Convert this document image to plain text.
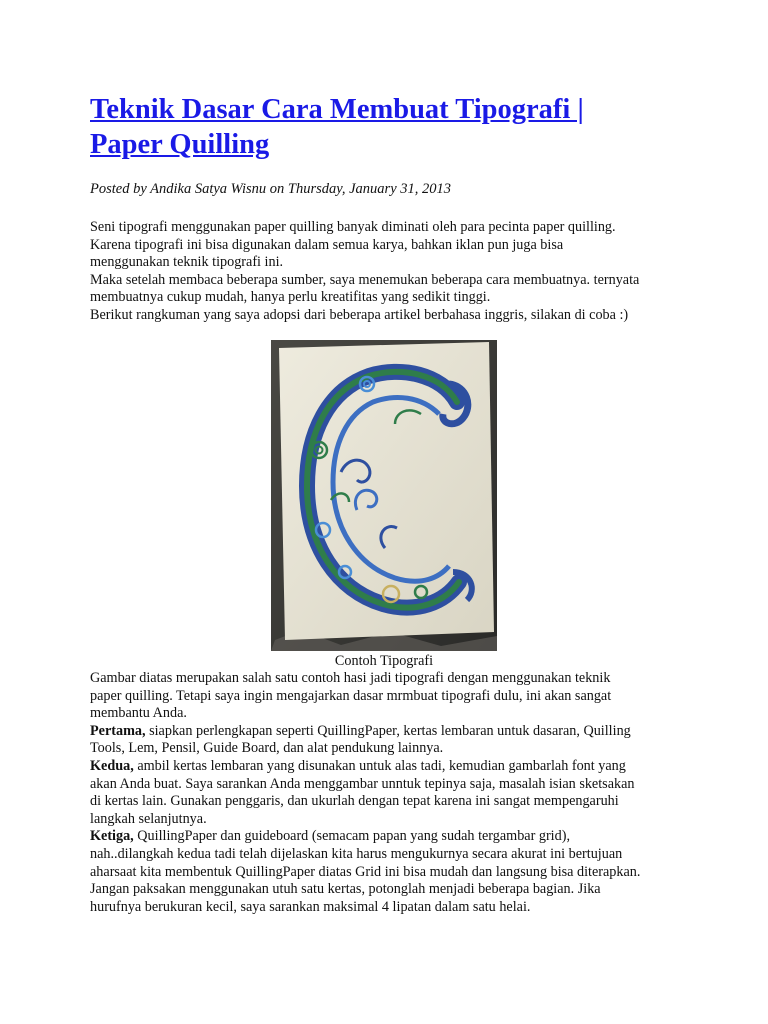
Teknik Dasar Cara Membuat Tipografi |
Paper Quilling

Posted by Andika Satya Wisnu on Thursday, January 31, 2013

Seni tipografi menggunakan paper quilling banyak diminati oleh para pecinta paper quilling.

Karena tipografi ini bisa digunakan dalam semua karya, bahkan iklan pun juga bisa

menggunakan teknik tipografi ini.

Maka setelah membaca beberapa sumber, saya menemukan beberapa cara membuatnya. ternyata

membuatnya cukup mudah, hanya perlu kreatifitas yang sedikit tinggi.

Berikut rangkuman yang saya adopsi dari beberapa artikel berbahasa inggris, silakan di coba :)

Contoh Tipografi

Gambar diatas merupakan salah satu contoh hasi jadi tipografi dengan menggunakan teknik

paper quilling. Tetapi saya ingin mengajarkan dasar mrmbuat tipografi dulu, ini akan sangat

membantu Anda.

Pertama, siapkan perlengkapan seperti QuillingPaper, kertas lembaran untuk dasaran, Quilling

Tools, Lem, Pensil, Guide Board, dan alat pendukung lainnya.

Kedua, ambil kertas lembaran yang disunakan untuk alas tadi, kemudian gambarlah font yang

akan Anda buat. Saya sarankan Anda menggambar unntuk tepinya saja, masalah isian sketsakan

di kertas lain. Gunakan penggaris, dan ukurlah dengan tepat karena ini sangat mempengaruhi

langkah selanjutnya.

Ketiga, QuillingPaper dan guideboard (semacam papan yang sudah tergambar grid),

nah..dilangkah kedua tadi telah dijelaskan kita harus mengukurnya secara akurat ini bertujuan

aharsaat kita membentuk QuillingPaper diatas Grid ini bisa mudah dan langsung bisa diterapkan.

Jangan paksakan menggunakan utuh satu kertas, potonglah menjadi beberapa bagian. Jika

hurufnya berukuran kecil, saya sarankan maksimal 4 lipatan dalam satu helai.
